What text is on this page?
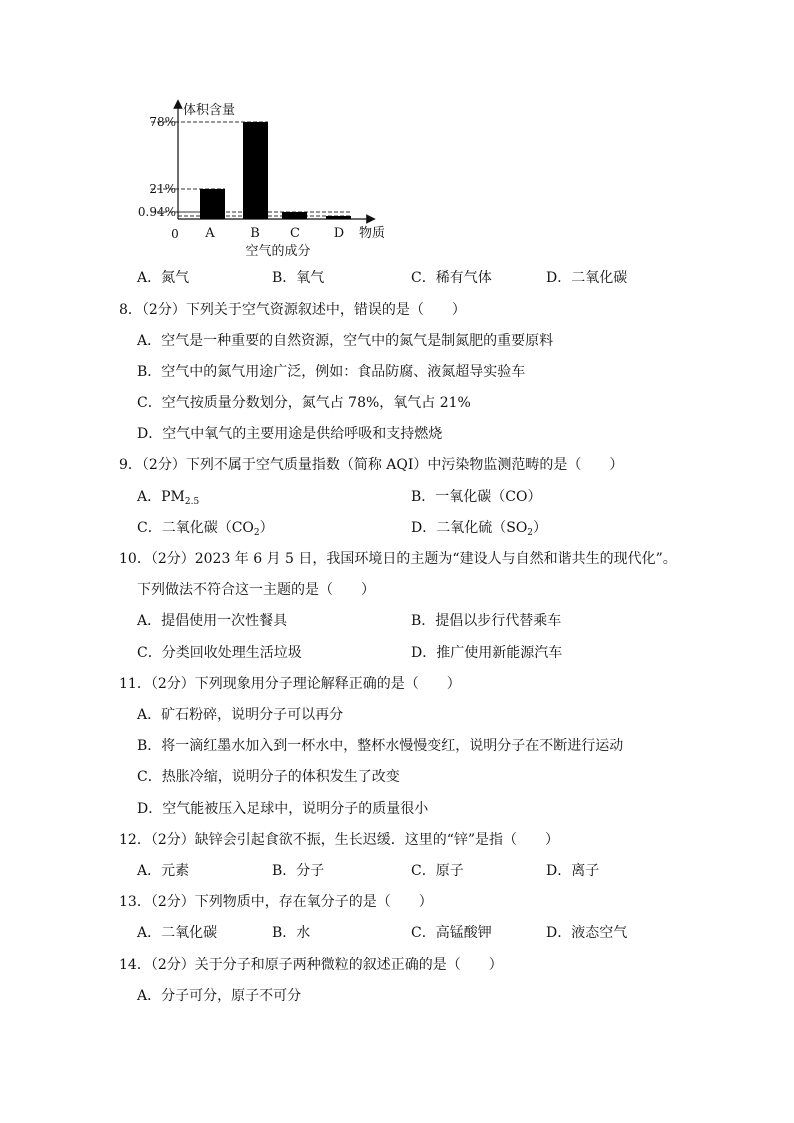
78%
21%
0.94%
A	B C	D
体积含量
0	物质
空气的成分
A．氮气	B．氧气	C．稀有气体	D．二氧化碳
8．（2分）下列关于空气资源叙述中，错误的是（　　）
A．空气是一种重要的自然资源，空气中的氮气是制氮肥的重要原料
B．空气中的氮气用途广泛，例如：食品防腐、液氮超导实验车
C．空气按质量分数划分，氮气占 78%，氧气占 21%
D．空气中氧气的主要用途是供给呼吸和支持燃烧
9．（2分）下列不属于空气质量指数（简称 AQI）中污染物监测范畴的是（　　）
A．$PM_{2.5}$	B．一氧化碳（CO）
C．二氧化碳$(CO_2)$	D．二氧化硫$(SO_2)$
10．（2分）2023 年 6 月 5 日，我国环境日的主题为“建设人与自然和谐共生的现代化”。
下列做法不符合这一主题的是（　　）
A．提倡使用一次性餐具	B．提倡以步行代替乘车
C．分类回收处理生活垃圾	D．推广使用新能源汽车
11．（2分）下列现象用分子理论解释正确的是（　　）
A．矿石粉碎，说明分子可以再分
B．将一滴红墨水加入到一杯水中，整杯水慢慢变红，说明分子在不断进行运动
C．热胀冷缩，说明分子的体积发生了改变
D．空气能被压入足球中，说明分子的质量很小
12．（2分）缺锌会引起食欲不振，生长迟缓．这里的“锌”是指（　　）
A．元素	B．分子	C．原子	D．离子
13．（2分）下列物质中，存在氧分子的是（　　）
A．二氧化碳	B．水	C．高锰酸钾	D．液态空气
14．（2分）关于分子和原子两种微粒的叙述正确的是（　　）
A．分子可分，原子不可分
